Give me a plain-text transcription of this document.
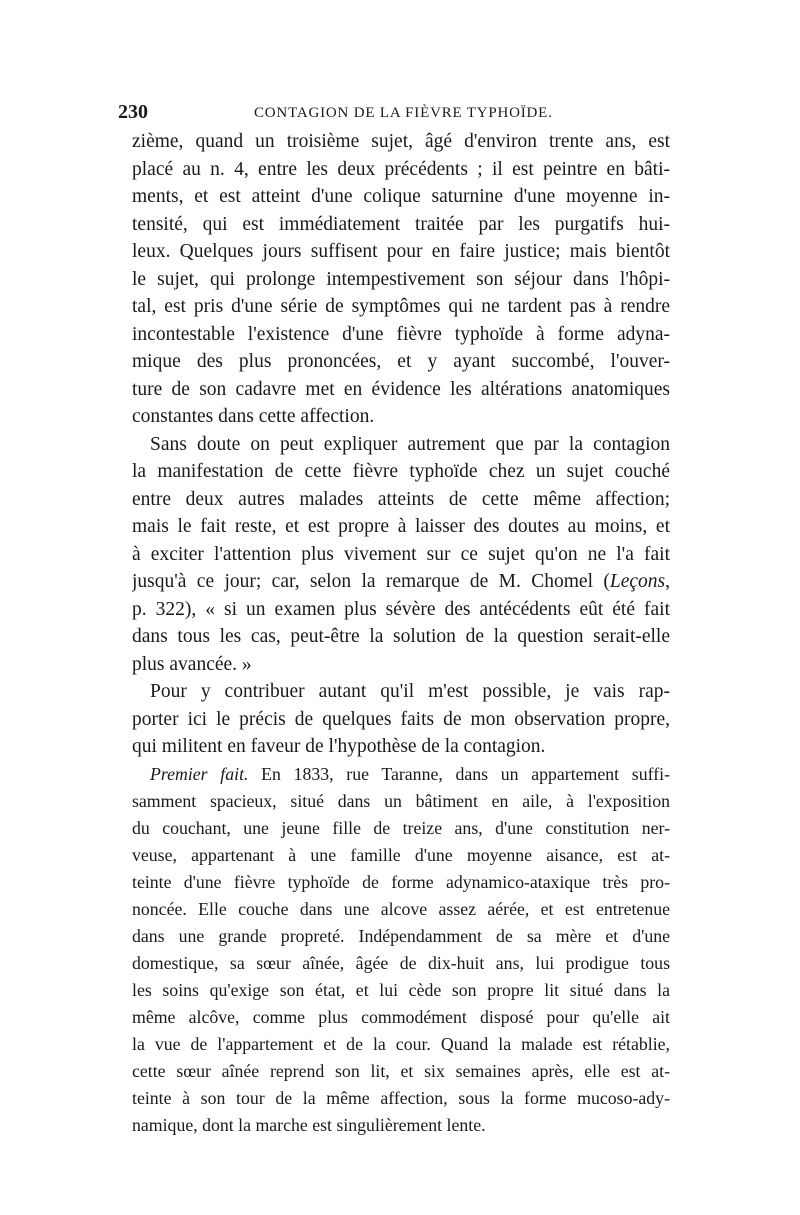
230	CONTAGION DE LA FIÈVRE TYPHOÏDE.
zième, quand un troisième sujet, âgé d'environ trente ans, est
placé au n. 4, entre les deux précédents ; il est peintre en bâti-
ments, et est atteint d'une colique saturnine d'une moyenne in-
tensité, qui est immédiatement traitée par les purgatifs hui-
leux. Quelques jours suffisent pour en faire justice; mais bientôt
le sujet, qui prolonge intempestivement son séjour dans l'hôpi-
tal, est pris d'une série de symptômes qui ne tardent pas à rendre
incontestable l'existence d'une fièvre typhoïde à forme adyna-
mique des plus prononcées, et y ayant succombé, l'ouver-
ture de son cadavre met en évidence les altérations anatomiques
constantes dans cette affection.
Sans doute on peut expliquer autrement que par la contagion
la manifestation de cette fièvre typhoïde chez un sujet couché
entre deux autres malades atteints de cette même affection;
mais le fait reste, et est propre à laisser des doutes au moins, et
à exciter l'attention plus vivement sur ce sujet qu'on ne l'a fait
jusqu'à ce jour; car, selon la remarque de M. Chomel (Leçons,
p. 322), « si un examen plus sévère des antécédents eût été fait
dans tous les cas, peut-être la solution de la question serait-elle
plus avancée. »
Pour y contribuer autant qu'il m'est possible, je vais rap-
porter ici le précis de quelques faits de mon observation propre,
qui militent en faveur de l'hypothèse de la contagion.
Premier fait. En 1833, rue Taranne, dans un appartement suffi-
samment spacieux, situé dans un bâtiment en aile, à l'exposition
du couchant, une jeune fille de treize ans, d'une constitution ner-
veuse, appartenant à une famille d'une moyenne aisance, est at-
teinte d'une fièvre typhoïde de forme adynamico-ataxique très pro-
noncée. Elle couche dans une alcove assez aérée, et est entretenue
dans une grande propreté. Indépendamment de sa mère et d'une
domestique, sa sœur aînée, âgée de dix-huit ans, lui prodigue tous
les soins qu'exige son état, et lui cède son propre lit situé dans la
même alcôve, comme plus commodément disposé pour qu'elle ait
la vue de l'appartement et de la cour. Quand la malade est rétablie,
cette sœur aînée reprend son lit, et six semaines après, elle est at-
teinte à son tour de la même affection, sous la forme mucoso-ady-
namique, dont la marche est singulièrement lente.
